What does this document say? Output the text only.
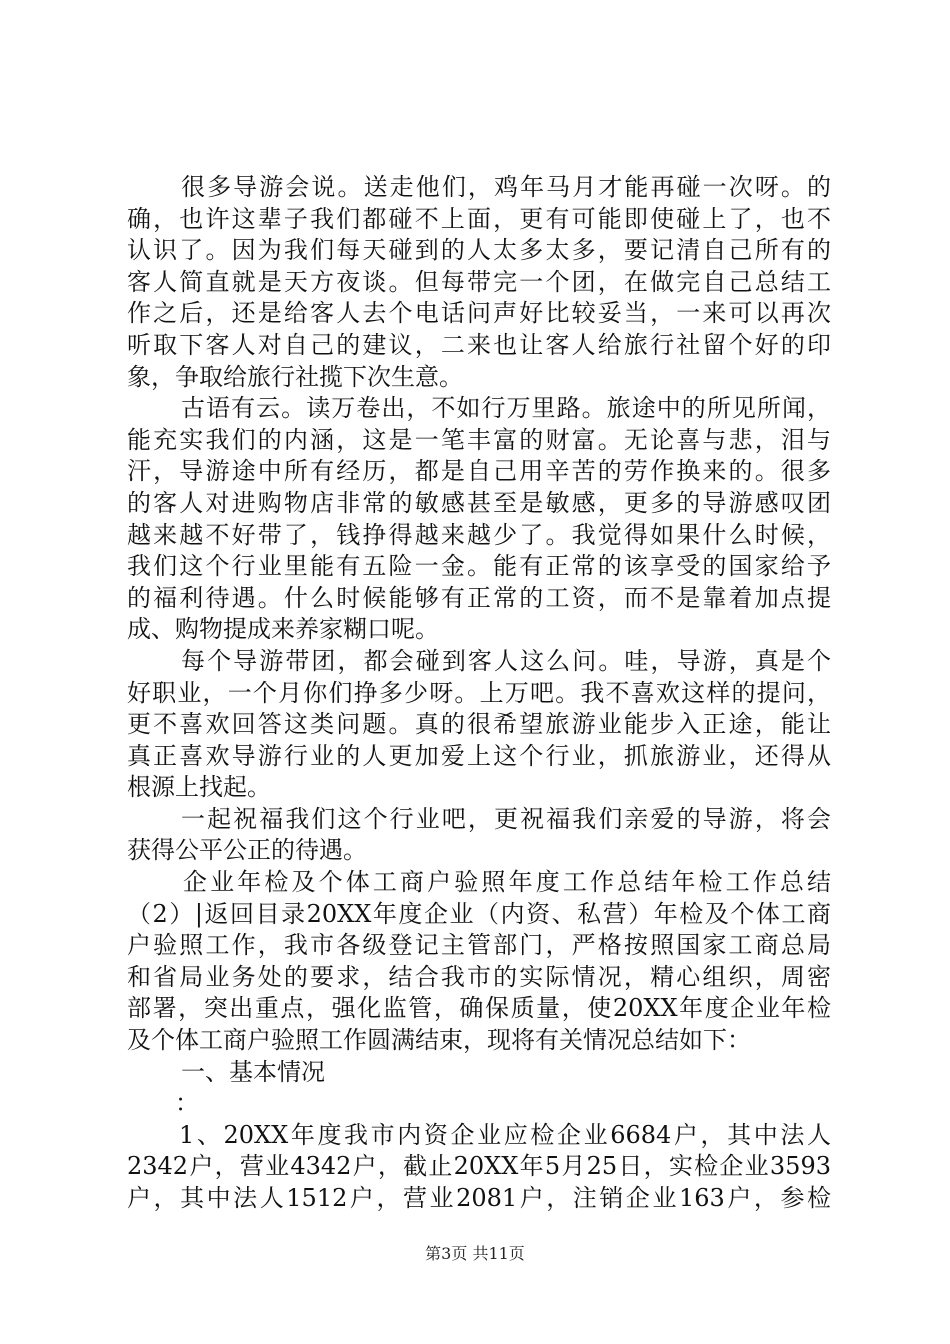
很多导游会说。送走他们，鸡年马月才能再碰一次呀。的
确，也许这辈子我们都碰不上面，更有可能即使碰上了，也不
认识了。因为我们每天碰到的人太多太多，要记清自己所有的
客人简直就是天方夜谈。但每带完一个团，在做完自己总结工
作之后，还是给客人去个电话问声好比较妥当，一来可以再次
听取下客人对自己的建议，二来也让客人给旅行社留个好的印
象，争取给旅行社揽下次生意。
古语有云。读万卷出，不如行万里路。旅途中的所见所闻，
能充实我们的内涵，这是一笔丰富的财富。无论喜与悲，泪与
汗，导游途中所有经历，都是自己用辛苦的劳作换来的。很多
的客人对进购物店非常的敏感甚至是敏感，更多的导游感叹团
越来越不好带了，钱挣得越来越少了。我觉得如果什么时候，
我们这个行业里能有五险一金。能有正常的该享受的国家给予
的福利待遇。什么时候能够有正常的工资，而不是靠着加点提
成、购物提成来养家糊口呢。
每个导游带团，都会碰到客人这么问。哇，导游，真是个
好职业，一个月你们挣多少呀。上万吧。我不喜欢这样的提问，
更不喜欢回答这类问题。真的很希望旅游业能步入正途，能让
真正喜欢导游行业的人更加爱上这个行业，抓旅游业，还得从
根源上找起。
一起祝福我们这个行业吧，更祝福我们亲爱的导游，将会
获得公平公正的待遇。
企业年检及个体工商户验照年度工作总结年检工作总结
（2）|返回目录20XX年度企业（内资、私营）年检及个体工商
户验照工作，我市各级登记主管部门，严格按照国家工商总局
和省局业务处的要求，结合我市的实际情况，精心组织，周密
部署，突出重点，强化监管，确保质量，使20XX年度企业年检
及个体工商户验照工作圆满结束，现将有关情况总结如下：
一、基本情况
：
1、20XX年度我市内资企业应检企业6684户，其中法人
2342户，营业4342户，截止20XX年5月25日，实检企业3593
户，其中法人1512户，营业2081户，注销企业163户，参检
第3页 共11页
